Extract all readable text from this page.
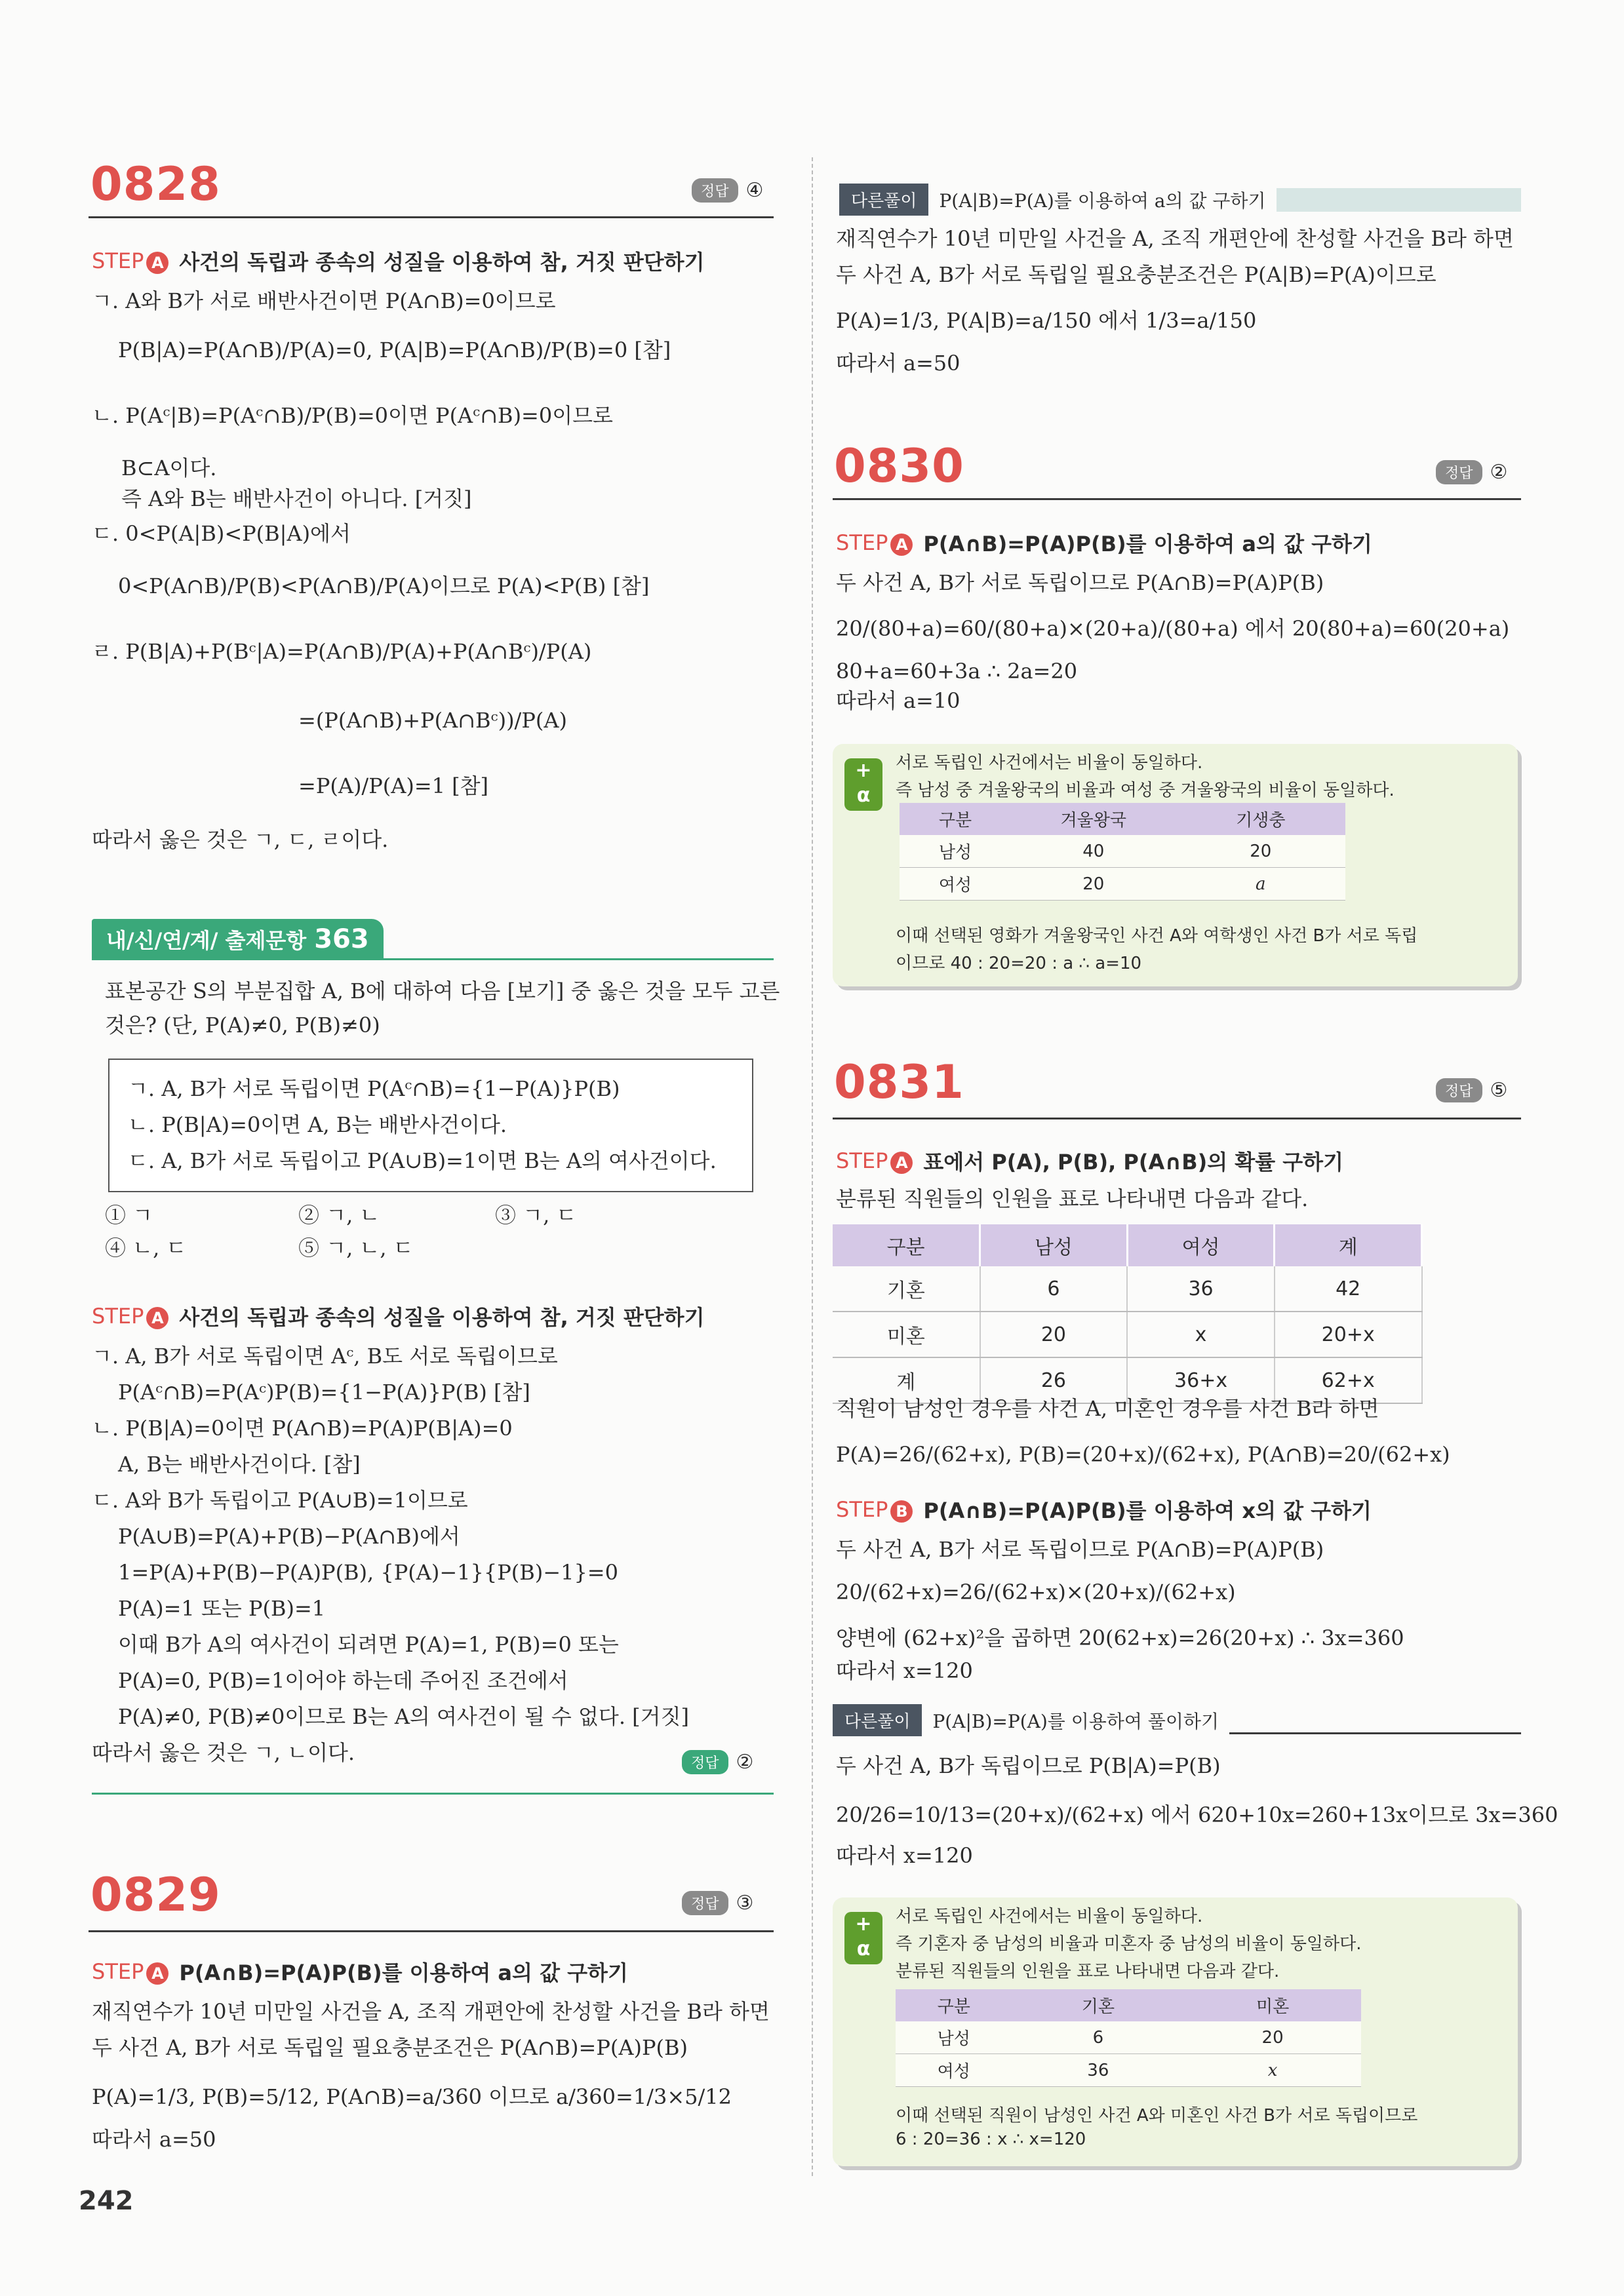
0828	정답 ④
STEP A 사건의 독립과 종속의 성질을 이용하여 참, 거짓 판단하기
ㄱ. A와 B가 서로 배반사건이면 P(A∩B)=0이므로
P(B|A)=P(A∩B)/P(A)=0, P(A|B)=P(A∩B)/P(B)=0 [참]
ㄴ. P(Aᶜ|B)=P(Aᶜ∩B)/P(B)=0이면 P(Aᶜ∩B)=0이므로
B⊂A이다.
즉 A와 B는 배반사건이 아니다. [거짓]
ㄷ. 0<P(A|B)<P(B|A)에서
0<P(A∩B)/P(B)<P(A∩B)/P(A)이므로 P(A)<P(B) [참]
ㄹ. P(B|A)+P(Bᶜ|A)=P(A∩B)/P(A)+P(A∩Bᶜ)/P(A)
=(P(A∩B)+P(A∩Bᶜ))/P(A)
=P(A)/P(A)=1 [참]
따라서 옳은 것은 ㄱ, ㄷ, ㄹ이다.
내/신/연/계/ 출제문항 363
표본공간 S의 부분집합 A, B에 대하여 다음 [보기] 중 옳은 것을 모두 고른
것은? (단, P(A)≠0, P(B)≠0)
ㄱ. A, B가 서로 독립이면 P(Aᶜ∩B)={1−P(A)}P(B)
ㄴ. P(B|A)=0이면 A, B는 배반사건이다.
ㄷ. A, B가 서로 독립이고 P(A∪B)=1이면 B는 A의 여사건이다.
① ㄱ	② ㄱ, ㄴ	③ ㄱ, ㄷ
④ ㄴ, ㄷ	⑤ ㄱ, ㄴ, ㄷ
STEP A 사건의 독립과 종속의 성질을 이용하여 참, 거짓 판단하기
ㄱ. A, B가 서로 독립이면 Aᶜ, B도 서로 독립이므로
P(Aᶜ∩B)=P(Aᶜ)P(B)={1−P(A)}P(B) [참]
ㄴ. P(B|A)=0이면 P(A∩B)=P(A)P(B|A)=0
A, B는 배반사건이다. [참]
ㄷ. A와 B가 독립이고 P(A∪B)=1이므로
P(A∪B)=P(A)+P(B)−P(A∩B)에서
1=P(A)+P(B)−P(A)P(B), {P(A)−1}{P(B)−1}=0
P(A)=1 또는 P(B)=1
이때 B가 A의 여사건이 되려면 P(A)=1, P(B)=0 또는
P(A)=0, P(B)=1이어야 하는데 주어진 조건에서
P(A)≠0, P(B)≠0이므로 B는 A의 여사건이 될 수 없다. [거짓]
따라서 옳은 것은 ㄱ, ㄴ이다.	정답 ②
0829	정답 ③
STEP A P(A∩B)=P(A)P(B)를 이용하여 a의 값 구하기
재직연수가 10년 미만일 사건을 A, 조직 개편안에 찬성할 사건을 B라 하면
두 사건 A, B가 서로 독립일 필요충분조건은 P(A∩B)=P(A)P(B)
P(A)=1/3, P(B)=5/12, P(A∩B)=a/360 이므로 a/360=1/3×5/12
따라서 a=50
242
다른풀이	P(A|B)=P(A)를 이용하여 a의 값 구하기
재직연수가 10년 미만일 사건을 A, 조직 개편안에 찬성할 사건을 B라 하면
두 사건 A, B가 서로 독립일 필요충분조건은 P(A|B)=P(A)이므로
P(A)=1/3, P(A|B)=a/150 에서 1/3=a/150
따라서 a=50
0830	정답 ②
STEP A P(A∩B)=P(A)P(B)를 이용하여 a의 값 구하기
두 사건 A, B가 서로 독립이므로 P(A∩B)=P(A)P(B)
20/(80+a)=60/(80+a)×(20+a)/(80+a) 에서 20(80+a)=60(20+a)
80+a=60+3a ∴ 2a=20
따라서 a=10
+
α
서로 독립인 사건에서는 비율이 동일하다.
즉 남성 중 겨울왕국의 비율과 여성 중 겨울왕국의 비율이 동일하다.
이때 선택된 영화가 겨울왕국인 사건 A와 여학생인 사건 B가 서로 독립
이므로 40 : 20=20 : a ∴ a=10
구분	겨울왕국	기생충
남성	40	20
여성	20	a
0831	정답 ⑤
STEP A 표에서 P(A), P(B), P(A∩B)의 확률 구하기
분류된 직원들의 인원을 표로 나타내면 다음과 같다.
구분	남성	여성	계
기혼	6	36	42
미혼	20	x	20+x
계	26	36+x	62+x
직원이 남성인 경우를 사건 A, 미혼인 경우를 사건 B라 하면
P(A)=26/(62+x), P(B)=(20+x)/(62+x), P(A∩B)=20/(62+x)
STEP B P(A∩B)=P(A)P(B)를 이용하여 x의 값 구하기
두 사건 A, B가 서로 독립이므로 P(A∩B)=P(A)P(B)
20/(62+x)=26/(62+x)×(20+x)/(62+x)
양변에 (62+x)²을 곱하면 20(62+x)=26(20+x) ∴ 3x=360
따라서 x=120
다른풀이	P(A|B)=P(A)를 이용하여 풀이하기
두 사건 A, B가 독립이므로 P(B|A)=P(B)
20/26=10/13=(20+x)/(62+x) 에서 620+10x=260+13x이므로 3x=360
따라서 x=120
+
α
서로 독립인 사건에서는 비율이 동일하다.
즉 기혼자 중 남성의 비율과 미혼자 중 남성의 비율이 동일하다.
분류된 직원들의 인원을 표로 나타내면 다음과 같다.
이때 선택된 직원이 남성인 사건 A와 미혼인 사건 B가 서로 독립이므로
6 : 20=36 : x ∴ x=120
구분	기혼	미혼
남성	6	20
여성	36	x
